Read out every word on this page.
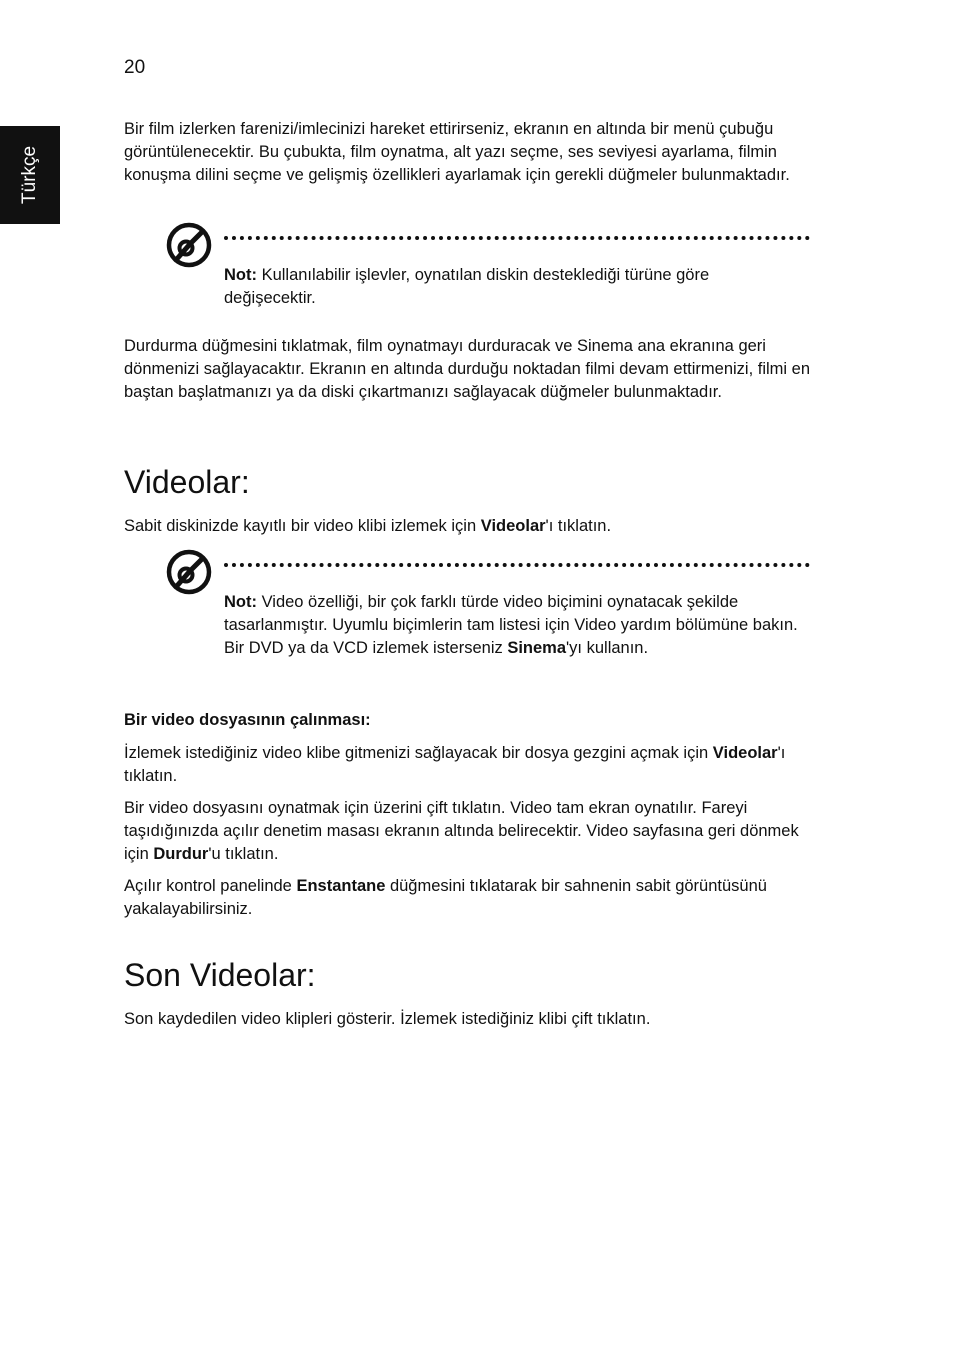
20
Türkçe

Bir film izlerken farenizi/imlecinizi hareket ettirirseniz, ekranın en altında bir menü çubuğu görüntülenecektir. Bu çubukta, film oynatma, alt yazı seçme, ses seviyesi ayarlama, filmin konuşma dilini seçme ve gelişmiş özellikleri ayarlamak için gerekli düğmeler bulunmaktadır.

Not: Kullanılabilir işlevler, oynatılan diskin desteklediği türüne göre değişecektir.

Durdurma düğmesini tıklatmak, film oynatmayı durduracak ve Sinema ana ekranına geri dönmenizi sağlayacaktır. Ekranın en altında durduğu noktadan filmi devam ettirmenizi, filmi en baştan başlatmanızı ya da diski çıkartmanızı sağlayacak düğmeler bulunmaktadır.

Videolar:

Sabit diskinizde kayıtlı bir video klibi izlemek için Videolar'ı tıklatın.

Not: Video özelliği, bir çok farklı türde video biçimini oynatacak şekilde tasarlanmıştır. Uyumlu biçimlerin tam listesi için Video yardım bölümüne bakın. Bir DVD ya da VCD izlemek isterseniz Sinema'yı kullanın.

Bir video dosyasının çalınması:

İzlemek istediğiniz video klibe gitmenizi sağlayacak bir dosya gezgini açmak için Videolar'ı tıklatın.

Bir video dosyasını oynatmak için üzerini çift tıklatın. Video tam ekran oynatılır. Fareyi taşıdığınızda açılır denetim masası ekranın altında belirecektir. Video sayfasına geri dönmek için Durdur'u tıklatın.

Açılır kontrol panelinde Enstantane düğmesini tıklatarak bir sahnenin sabit görüntüsünü yakalayabilirsiniz.

Son Videolar:

Son kaydedilen video klipleri gösterir. İzlemek istediğiniz klibi çift tıklatın.
